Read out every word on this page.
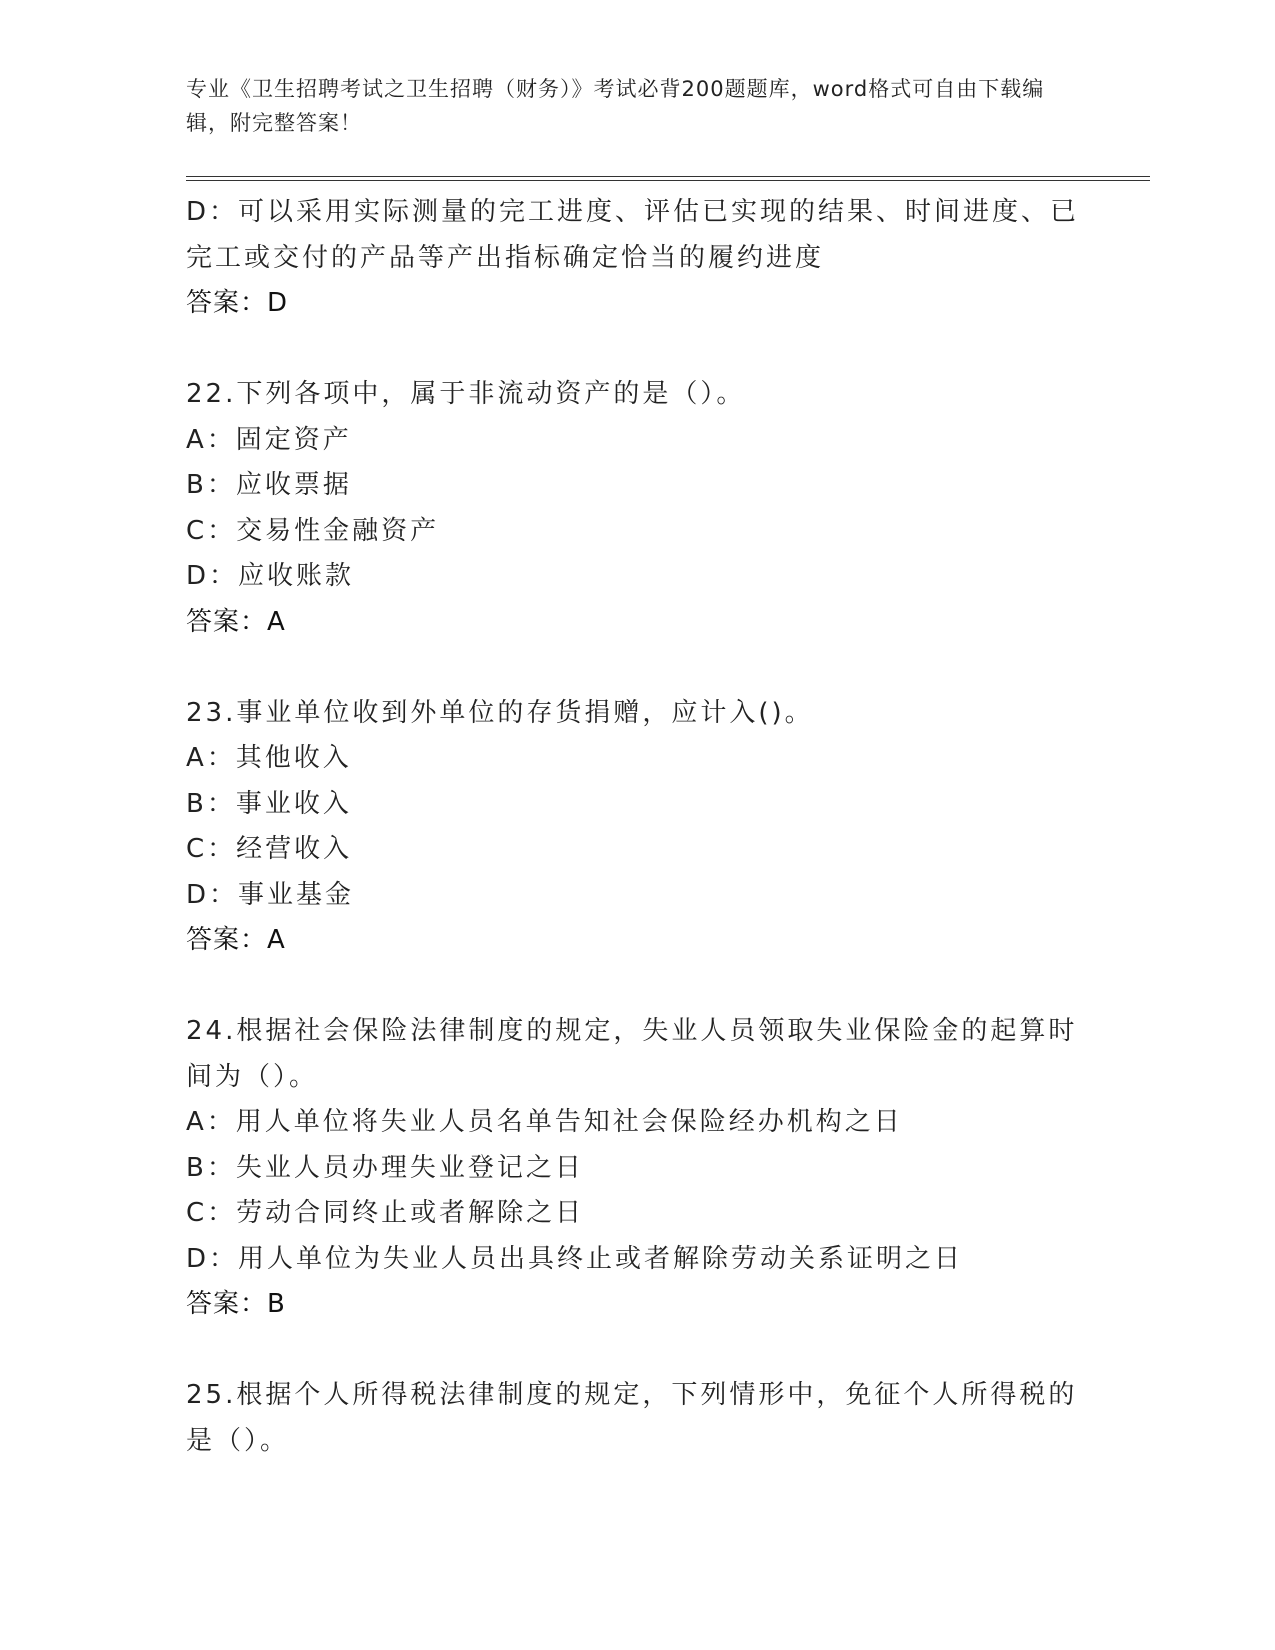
专业《卫生招聘考试之卫生招聘（财务）》考试必背200题题库，word格式可自由下载编辑，附完整答案！
D：可以采用实际测量的完工进度、评估已实现的结果、时间进度、已完工或交付的产品等产出指标确定恰当的履约进度
答案：D
22.下列各项中，属于非流动资产的是（）。
A：固定资产
B：应收票据
C：交易性金融资产
D：应收账款
答案：A
23.事业单位收到外单位的存货捐赠，应计入()。
A：其他收入
B：事业收入
C：经营收入
D：事业基金
答案：A
24.根据社会保险法律制度的规定，失业人员领取失业保险金的起算时间为（）。
A：用人单位将失业人员名单告知社会保险经办机构之日
B：失业人员办理失业登记之日
C：劳动合同终止或者解除之日
D：用人单位为失业人员出具终止或者解除劳动关系证明之日
答案：B
25.根据个人所得税法律制度的规定，下列情形中，免征个人所得税的是（）。
